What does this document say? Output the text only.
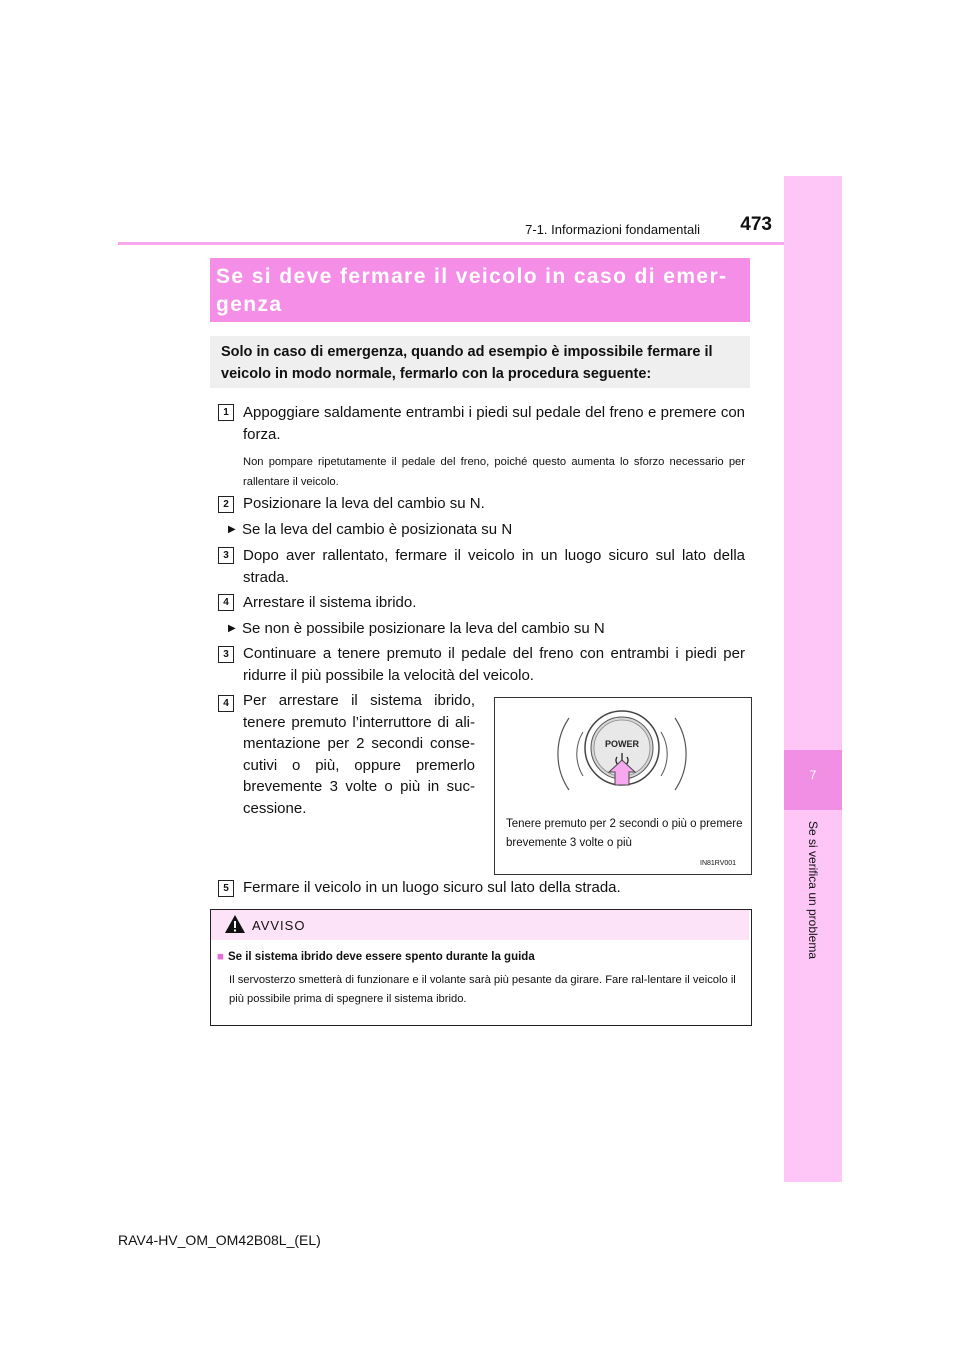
7-1. Informazioni fondamentali	473
7
Se si verifica un problema
Se si deve fermare il veicolo in caso di emer-genza
Solo in caso di emergenza, quando ad esempio è impossibile fermare il veicolo in modo normale, fermarlo con la procedura seguente:
1 Appoggiare saldamente entrambi i piedi sul pedale del freno e premere con forza.
Non pompare ripetutamente il pedale del freno, poiché questo aumenta lo sforzo necessario per rallentare il veicolo.
2 Posizionare la leva del cambio su N.
▶ Se la leva del cambio è posizionata su N
3 Dopo aver rallentato, fermare il veicolo in un luogo sicuro sul lato della strada.
4 Arrestare il sistema ibrido.
▶ Se non è possibile posizionare la leva del cambio su N
3 Continuare a tenere premuto il pedale del freno con entrambi i piedi per ridurre il più possibile la velocità del veicolo.
4 Per arrestare il sistema ibrido, tenere premuto l’interruttore di ali-mentazione per 2 secondi conse-cutivi o più, oppure premerlo brevemente 3 volte o più in suc-cessione.
POWER
Tenere premuto per 2 secondi o più o premere brevemente 3 volte o più
IN81RV001
5 Fermare il veicolo in un luogo sicuro sul lato della strada.
AVVISO
■ Se il sistema ibrido deve essere spento durante la guida
Il servosterzo smetterà di funzionare e il volante sarà più pesante da girare. Fare ral-lentare il veicolo il più possibile prima di spegnere il sistema ibrido.
RAV4-HV_OM_OM42B08L_(EL)
